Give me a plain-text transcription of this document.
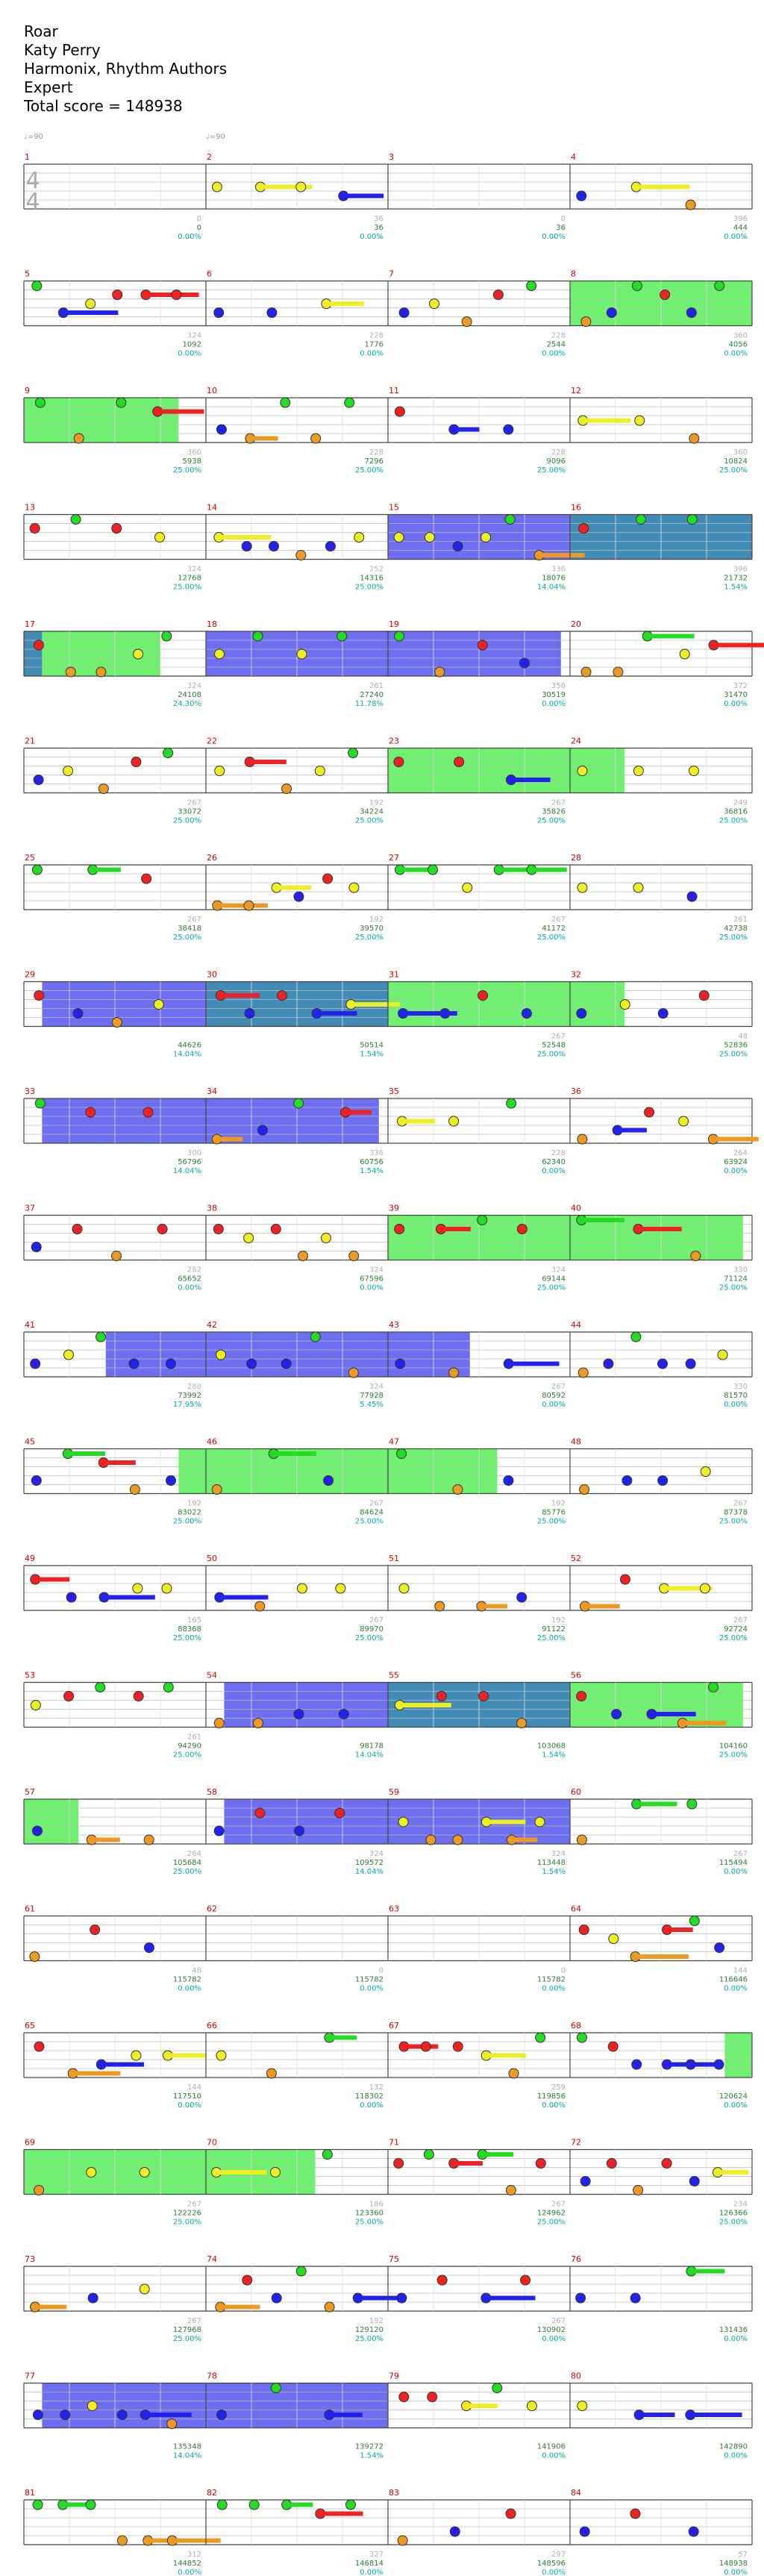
Roar
Katy Perry
Harmonix, Rhythm Authors
Expert
Total score = 148938
♩=90	♩=90
4
4
1
0
0
0.00%
2
36
36
0.00%
3
0
36
0.00%
4
396
444
0.00%
5
324
1092
0.00%
6
228
1776
0.00%
7
228
2544
0.00%
8
360
4056
0.00%
9
360
5938
25.00%
10
228
7296
25.00%
11
228
9096
25.00%
12
360
10824
25.00%
13
324
12768
25.00%
14
252
14316
25.00%
15
336
18076
14.04%
16
396
21732
1.54%
17
324
24108
24.30%
18
261
27240
11.78%
19
358
30519
0.00%
20
372
31470
0.00%
21
267
33072
25.00%
22
192
34224
25.00%
23
267
35826
25.00%
24
249
36816
25.00%
25
267
38418
25.00%
26
192
39570
25.00%
27
267
41172
25.00%
28
261
42738
25.00%
29
44626
14.04%
30
50514
1.54%
31
267
52548
25.00%
32
48
52836
25.00%
33
300
56796
14.04%
34
336
60756
1.54%
35
228
62340
0.00%
36
264
63924
0.00%
37
282
65652
0.00%
38
324
67596
0.00%
39
324
69144
25.00%
40
330
71124
25.00%
41
288
73992
17.95%
42
324
77928
5.45%
43
267
80592
0.00%
44
330
81570
0.00%
45
192
83022
25.00%
46
267
84624
25.00%
47
192
85776
25.00%
48
267
87378
25.00%
49
165
88368
25.00%
50
267
89970
25.00%
51
192
91122
25.00%
52
267
92724
25.00%
53
261
94290
25.00%
54
98178
14.04%
55
103068
1.54%
56
104160
25.00%
57
264
105684
25.00%
58
324
109572
14.04%
59
324
113448
1.54%
60
267
115494
0.00%
61
48
115782
0.00%
62
0
115782
0.00%
63
0
115782
0.00%
64
144
116646
0.00%
65
144
117510
0.00%
66
132
118302
0.00%
67
259
119856
0.00%
68
120624
0.00%
69
267
122226
25.00%
70
186
123360
25.00%
71
267
124962
25.00%
72
234
126366
25.00%
73
267
127968
25.00%
74
192
129120
25.00%
75
267
130902
0.00%
76
131436
0.00%
77
135348
14.04%
78
139272
1.54%
79
141906
0.00%
80
142890
0.00%
81
312
144852
0.00%
82
327
146814
0.00%
83
297
148596
0.00%
84
57
148938
0.00%
